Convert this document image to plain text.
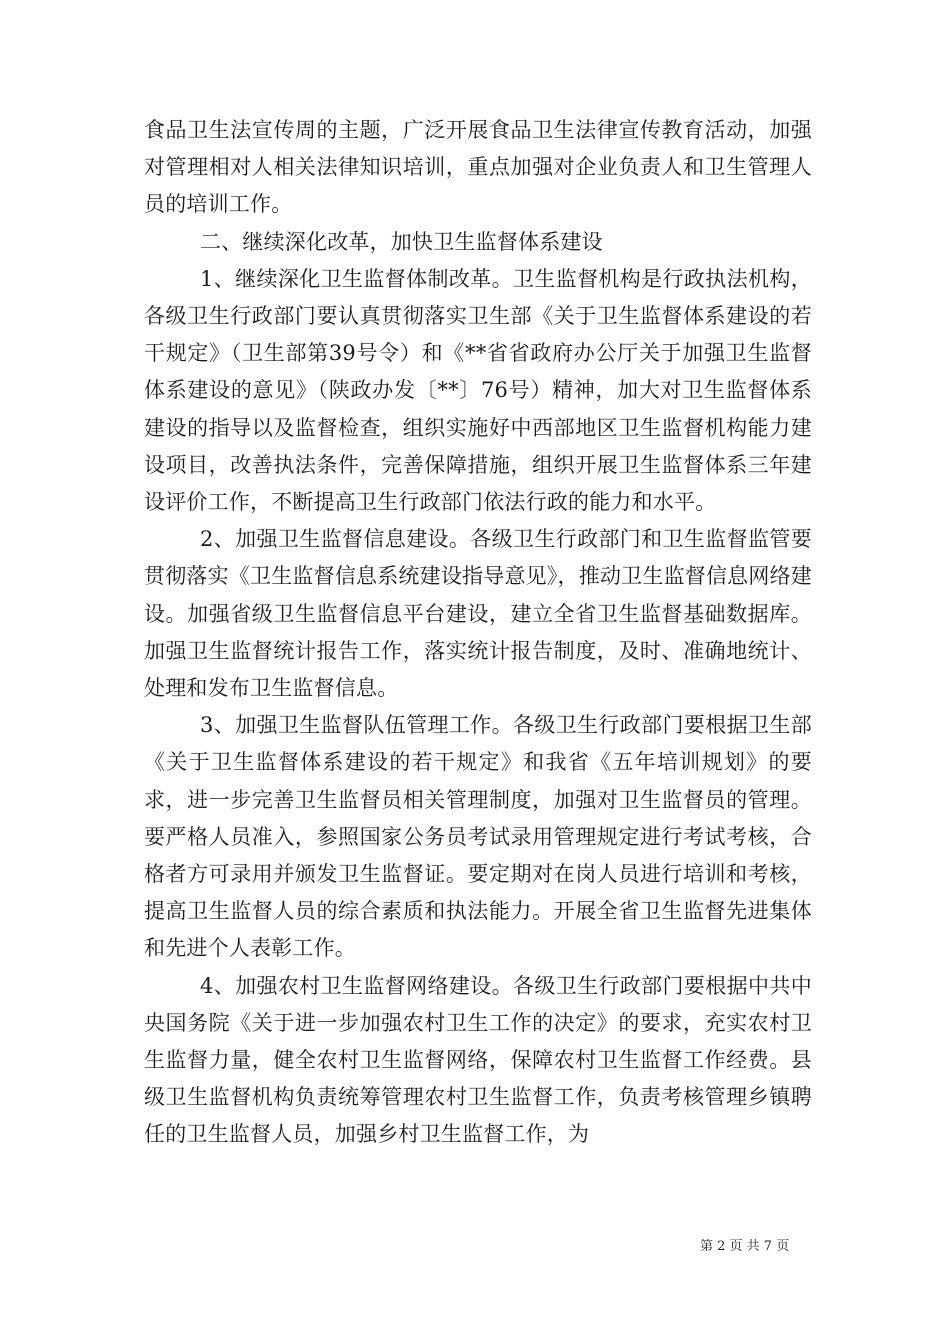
食品卫生法宣传周的主题，广泛开展食品卫生法律宣传教育活动，加强对管理相对人相关法律知识培训，重点加强对企业负责人和卫生管理人员的培训工作。

二、继续深化改革，加快卫生监督体系建设

1、继续深化卫生监督体制改革。卫生监督机构是行政执法机构，各级卫生行政部门要认真贯彻落实卫生部《关于卫生监督体系建设的若干规定》（卫生部第39号令）和《**省省政府办公厅关于加强卫生监督体系建设的意见》（陕政办发〔**〕76号）精神，加大对卫生监督体系建设的指导以及监督检查，组织实施好中西部地区卫生监督机构能力建设项目，改善执法条件，完善保障措施，组织开展卫生监督体系三年建设评价工作，不断提高卫生行政部门依法行政的能力和水平。

2、加强卫生监督信息建设。各级卫生行政部门和卫生监督监管要贯彻落实《卫生监督信息系统建设指导意见》，推动卫生监督信息网络建设。加强省级卫生监督信息平台建设，建立全省卫生监督基础数据库。加强卫生监督统计报告工作，落实统计报告制度，及时、准确地统计、处理和发布卫生监督信息。

3、加强卫生监督队伍管理工作。各级卫生行政部门要根据卫生部《关于卫生监督体系建设的若干规定》和我省《五年培训规划》的要求，进一步完善卫生监督员相关管理制度，加强对卫生监督员的管理。要严格人员准入，参照国家公务员考试录用管理规定进行考试考核，合格者方可录用并颁发卫生监督证。要定期对在岗人员进行培训和考核，提高卫生监督人员的综合素质和执法能力。开展全省卫生监督先进集体和先进个人表彰工作。

4、加强农村卫生监督网络建设。各级卫生行政部门要根据中共中央国务院《关于进一步加强农村卫生工作的决定》的要求，充实农村卫生监督力量，健全农村卫生监督网络，保障农村卫生监督工作经费。县级卫生监督机构负责统筹管理农村卫生监督工作，负责考核管理乡镇聘任的卫生监督人员，加强乡村卫生监督工作，为

第 2 页 共 7 页
